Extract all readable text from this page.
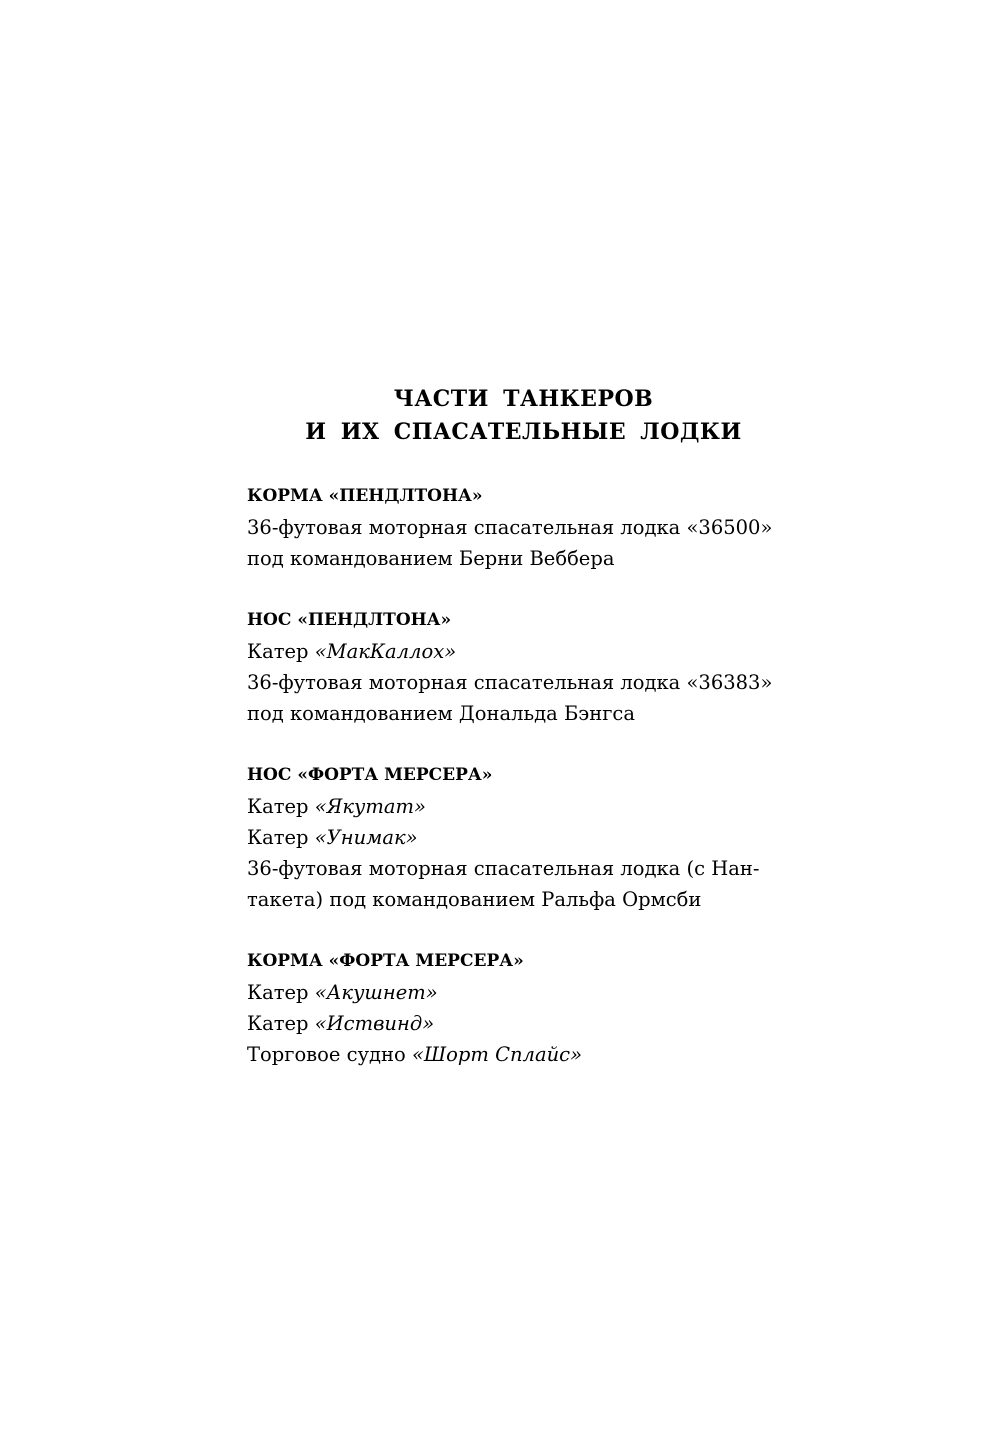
ЧАСТИ ТАНКЕРОВ
И ИХ СПАСАТЕЛЬНЫЕ ЛОДКИ
КОРМА «ПЕНДЛТОНА»
36-футовая моторная спасательная лодка «36500»
под командованием Берни Веббера
НОС «ПЕНДЛТОНА»
Катер «МакКаллох»
36-футовая моторная спасательная лодка «36383»
под командованием Дональда Бэнгса
НОС «ФОРТА МЕРСЕРА»
Катер «Якутат»
Катер «Унимак»
36-футовая моторная спасательная лодка (с Нан-
такета) под командованием Ральфа Ормсби
КОРМА «ФОРТА МЕРСЕРА»
Катер «Акушнет»
Катер «Иствинд»
Торговое судно «Шорт Сплайс»
